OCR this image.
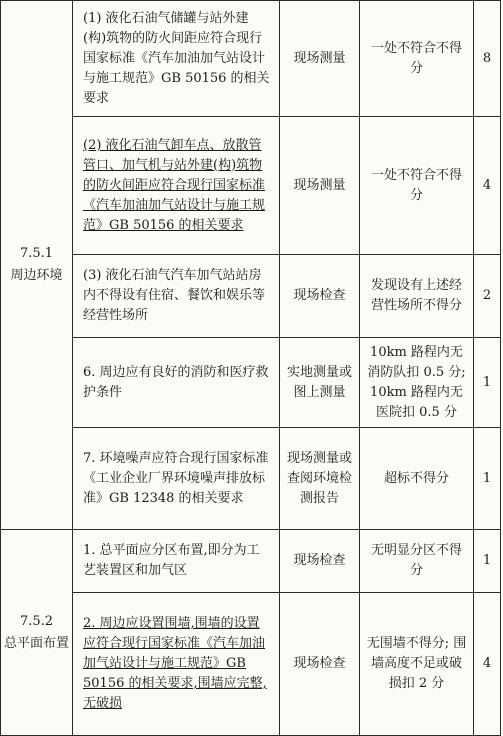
7.5.1
周边环境	(1) 液化石油气储罐与站外建(构)筑物的防火间距应符合现行国家标准《汽车加油加气站设计与施工规范》GB 50156 的相关要求	现场测量	一处不符合不得分	8
	(2) 液化石油气卸车点、放散管管口、加气机与站外建(构)筑物的防火间距应符合现行国家标准《汽车加油加气站设计与施工规范》GB 50156 的相关要求	现场测量	一处不符合不得分	4
	(3) 液化石油气汽车加气站站房内不得设有住宿、餐饮和娱乐等经营性场所	现场检查	发现设有上述经营性场所不得分	2
	6. 周边应有良好的消防和医疗救护条件	实地测量或图上测量	10km 路程内无消防队扣 0.5 分; 10km 路程内无医院扣 0.5 分	1
	7. 环境噪声应符合现行国家标准《工业企业厂界环境噪声排放标准》GB 12348 的相关要求	现场测量或查阅环境检测报告	超标不得分	1

7.5.2
总平面布置	1. 总平面应分区布置,即分为工艺装置区和加气区	现场检查	无明显分区不得分	1
	2. 周边应设置围墙,围墙的设置应符合现行国家标准《汽车加油加气站设计与施工规范》GB 50156 的相关要求,围墙应完整,无破损	现场检查	无围墙不得分; 围墙高度不足或破损扣 2 分	4
